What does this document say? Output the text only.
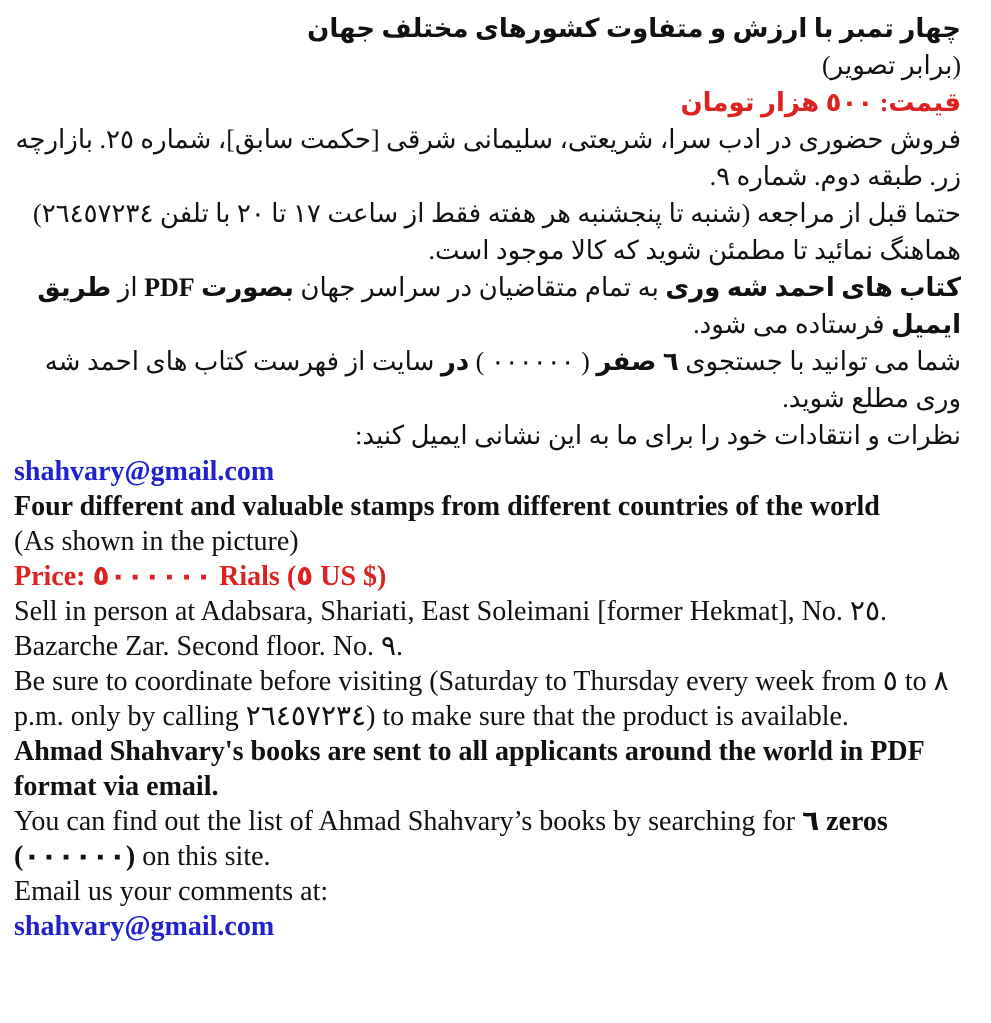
چهار تمبر با ارزش و متفاوت کشورهای مختلف جهان

(برابر تصویر)

قیمت: ٥٠٠ هزار تومان

فروش حضوری در ادب سرا، شریعتی، سلیمانی شرقی [حکمت سابق]، شماره ٢٥. بازارچه زر. طبقه دوم. شماره ٩.

حتما قبل از مراجعه (شنبه تا پنجشنبه هر هفته فقط از ساعت ١٧ تا ٢٠ با تلفن ٢٦٤٥٧٢٣٤) هماهنگ نمائید تا مطمئن شوید که کالا موجود است.

کتاب های احمد شه وری به تمام متقاضیان در سراسر جهان بصورت PDF از طریق ایمیل فرستاده می شود.

شما می توانید با جستجوی ٦ صفر ( ٠٠٠٠٠٠ ) در سایت از فهرست کتاب های احمد شه وری مطلع شوید.

نظرات و انتقادات خود را برای ما به این نشانی ایمیل کنید:

shahvary@gmail.com

Four different and valuable stamps from different countries of the world

(As shown in the picture)

Price: ٥٠٠٠٠٠٠ Rials (٥ US $)

Sell in person at Adabsara, Shariati, East Soleimani [former Hekmat], No. ٢٥. Bazarche Zar. Second floor. No. ٩.

Be sure to coordinate before visiting (Saturday to Thursday every week from ٥ to ٨ p.m. only by calling ٢٦٤٥٧٢٣٤) to make sure that the product is available.

Ahmad Shahvary's books are sent to all applicants around the world in PDF format via email.

You can find out the list of Ahmad Shahvary’s books by searching for ٦ zeros (٠٠٠٠٠٠) on this site.

Email us your comments at:

shahvary@gmail.com
